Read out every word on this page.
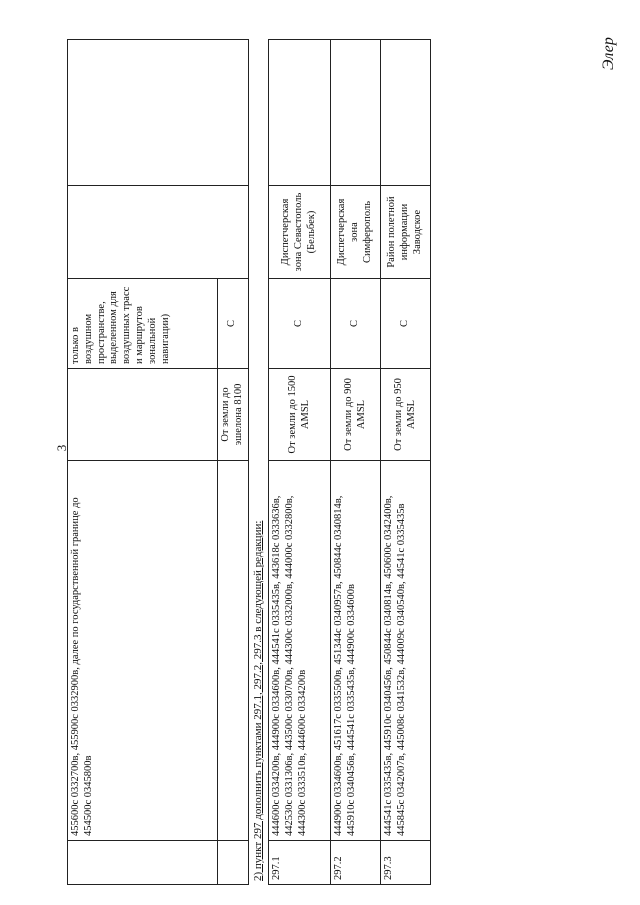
3
Элер
	455600с 0332700в, 455900с 0332900в, далее по государственной границе до 454500с 0345800в		только в воздушном пространстве, выделенном для воздушных трасс и маршрутов зональной навигации)		
		От земли до эшелона 8100	С		
2) пункт 297 дополнить пунктами 297.1, 297.2, 297.3 в следующей редакции: 297.1	444600с 0334200в, 444900с 0334600в, 444541с 0335435в, 443618с 0333636в, 442530с 0331306в, 443500с 0330700в, 444300с 0332000в, 444000с 0332800в, 444300с 0333510в, 444600с 0334200в	От земли до 1500 AMSL	С	Диспетчерская зона Севастополь (Бельбек)	
297.2	444900с 0334600в, 451617с 0335500в, 451344с 0340957в, 450844с 0340814в, 445910с 0340456в, 444541с 0335435в, 444900с 0334600в	От земли до 900 AMSL	С	Диспетчерская зона Симферополь	
297.3	444541с 0335435в, 445910с 0340456в, 450844с 0340814в, 450600с 0342400в, 445845с 0342007в, 445008с 0341532в, 444009с 0340540в, 44541с 0335435в	От земли до 950 AMSL	С	Район полетной информации Заводское	
